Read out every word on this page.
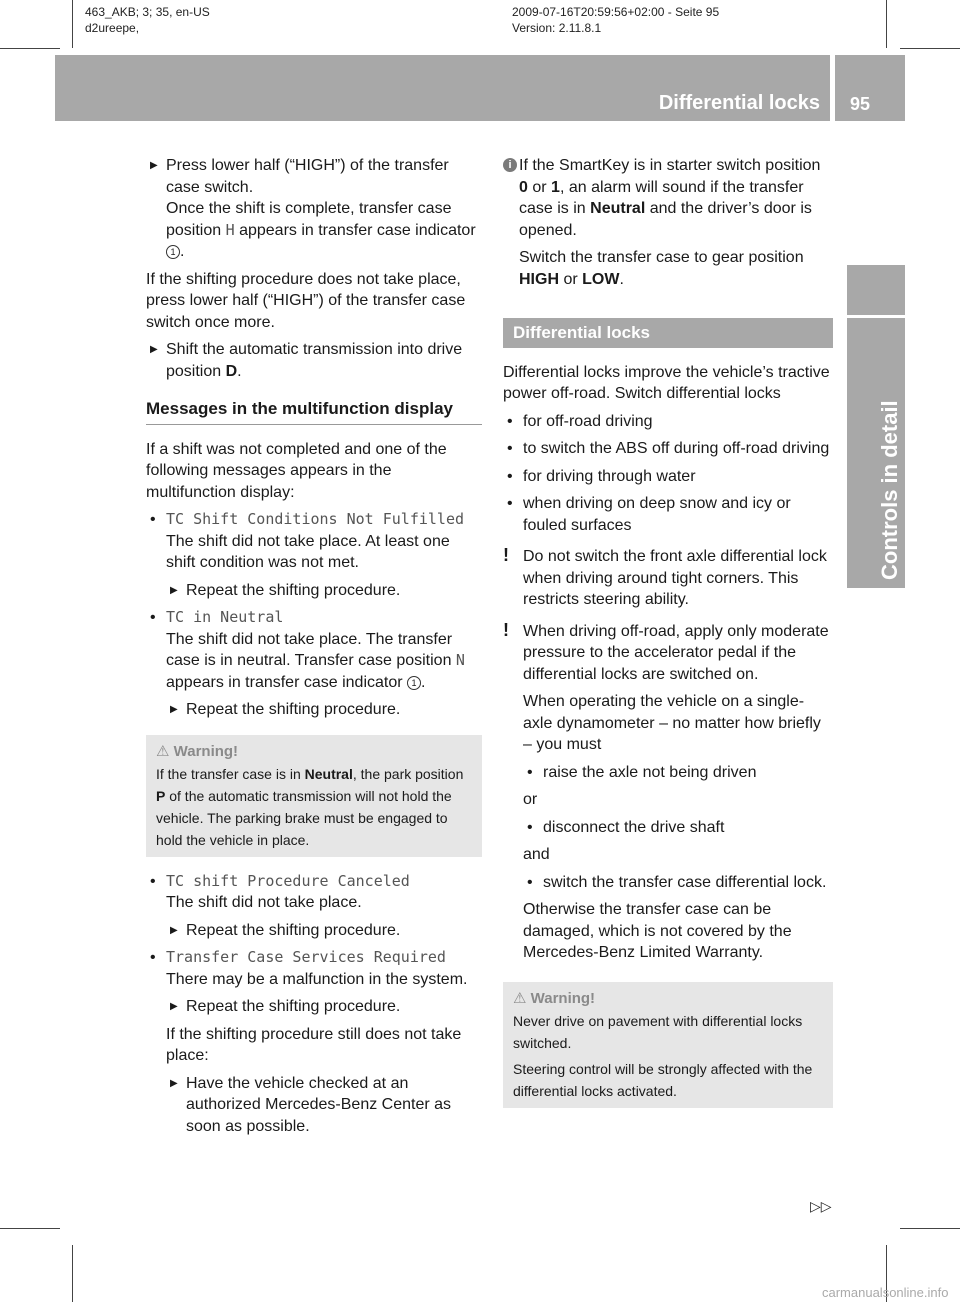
463_AKB; 3; 35, en-US
d2ureepe,
2009-07-16T20:59:56+02:00 - Seite 95
Version: 2.11.8.1
Differential locks 95
Controls in detail
▶ Press lower half (“HIGH”) of the transfer case switch.
Once the shift is complete, transfer case position H appears in transfer case indicator 1 .

If the shifting procedure does not take place, press lower half (“HIGH”) of the transfer case switch once more.

▶ Shift the automatic transmission into drive position D.
Messages in the multifunction display

If a shift was not completed and one of the following messages appears in the multifunction display:

• TC Shift Conditions Not Fulfilled
The shift did not take place. At least one shift condition was not met.
▶ Repeat the shifting procedure.
• TC in Neutral
The shift did not take place. The transfer case is in neutral. Transfer case position N appears in transfer case indicator 1 .
▶ Repeat the shifting procedure.
⚠ Warning!
If the transfer case is in Neutral, the park position P of the automatic transmission will not hold the vehicle. The parking brake must be engaged to hold the vehicle in place.
• TC shift Procedure Canceled
The shift did not take place.
▶ Repeat the shifting procedure.
• Transfer Case Services Required
There may be a malfunction in the system.
▶ Repeat the shifting procedure.
If the shifting procedure still does not take place:
▶ Have the vehicle checked at an authorized Mercedes-Benz Center as soon as possible.
i If the SmartKey is in starter switch position 0 or 1, an alarm will sound if the transfer case is in Neutral and the driver’s door is opened.
Switch the transfer case to gear position HIGH or LOW.
Differential locks

Differential locks improve the vehicle’s tractive power off-road. Switch differential locks

• for off-road driving
• to switch the ABS off during off-road driving
• for driving through water
• when driving on deep snow and icy or fouled surfaces
! Do not switch the front axle differential lock when driving around tight corners. This restricts steering ability.
! When driving off-road, apply only moderate pressure to the accelerator pedal if the differential locks are switched on.
When operating the vehicle on a single-axle dynamometer – no matter how briefly – you must
• raise the axle not being driven
or
• disconnect the drive shaft
and
• switch the transfer case differential lock.
Otherwise the transfer case can be damaged, which is not covered by the Mercedes-Benz Limited Warranty.
⚠ Warning!
Never drive on pavement with differential locks switched.
Steering control will be strongly affected with the differential locks activated.
▷▷
carmanualsonline.info
